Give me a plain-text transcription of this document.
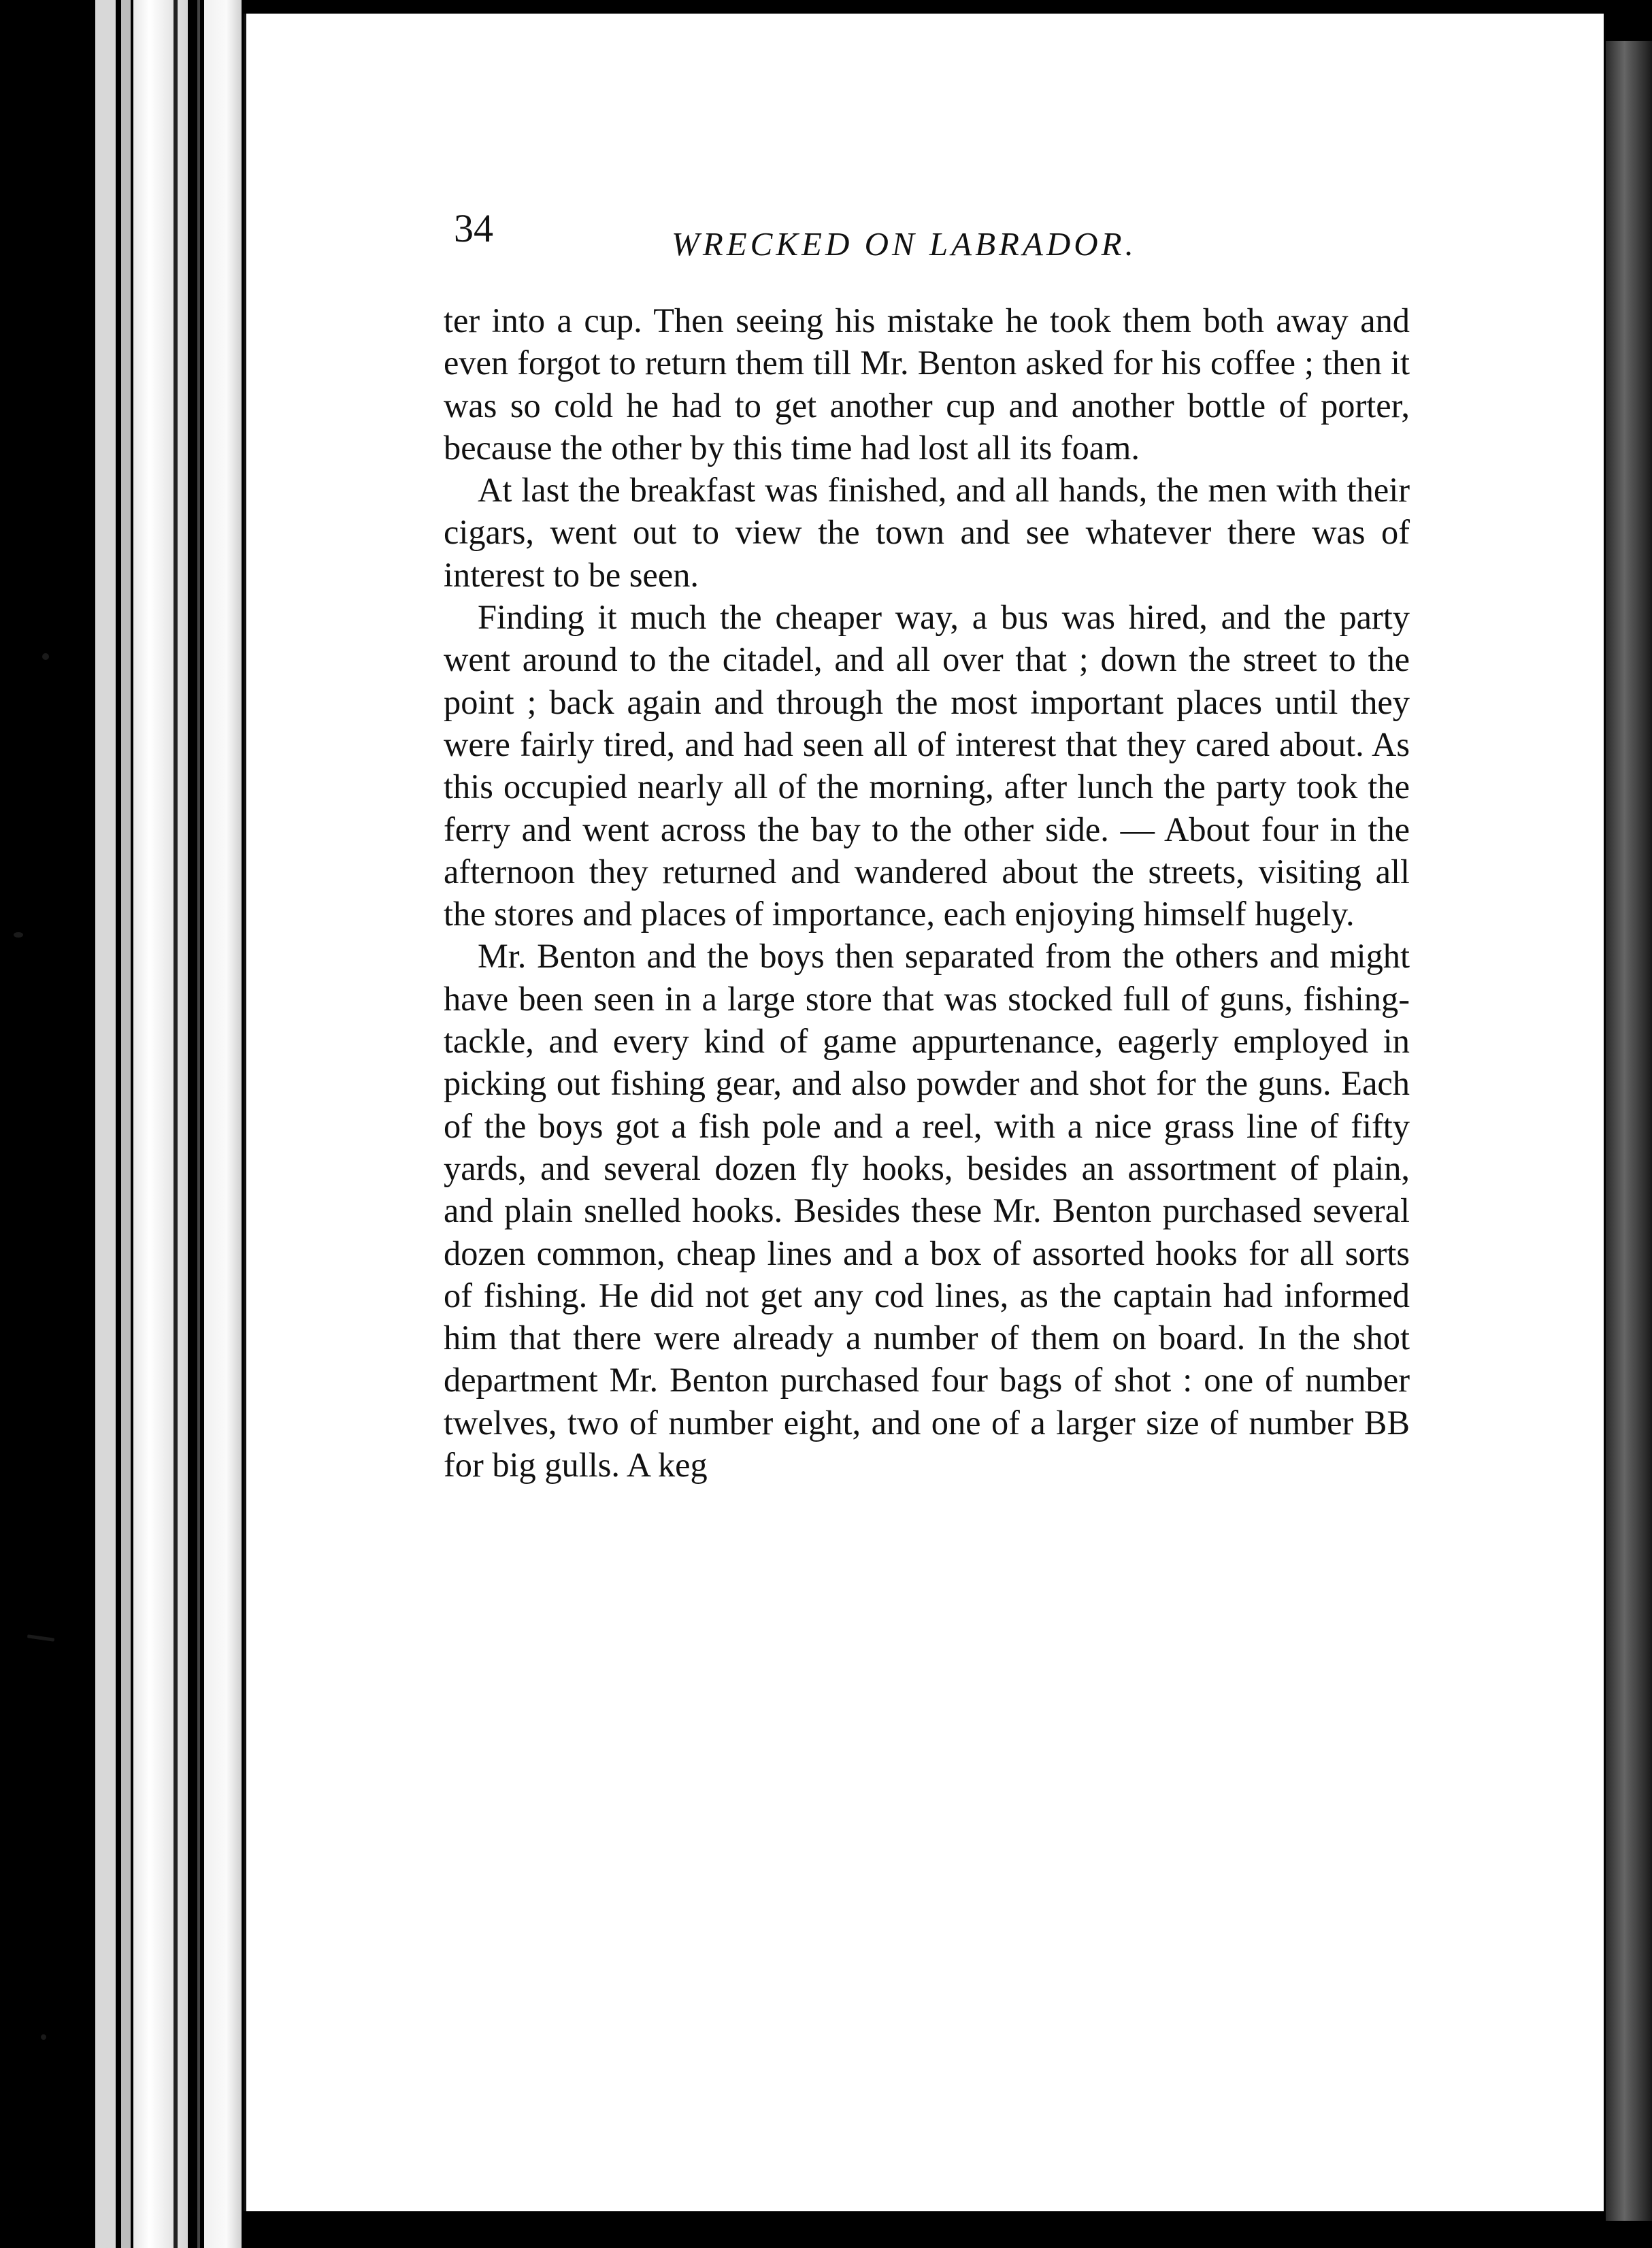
34	WRECKED ON LABRADOR.

ter into a cup. Then seeing his mistake he took them both away and even forgot to return them till Mr. Benton asked for his coffee ; then it was so cold he had to get another cup and another bottle of porter, because the other by this time had lost all its foam.

At last the breakfast was finished, and all hands, the men with their cigars, went out to view the town and see whatever there was of interest to be seen.

Finding it much the cheaper way, a bus was hired, and the party went around to the citadel, and all over that ; down the street to the point ; back again and through the most important places until they were fairly tired, and had seen all of interest that they cared about. As this occupied nearly all of the morning, after lunch the party took the ferry and went across the bay to the other side. — About four in the afternoon they returned and wandered about the streets, visiting all the stores and places of importance, each enjoying himself hugely.

Mr. Benton and the boys then separated from the others and might have been seen in a large store that was stocked full of guns, fishing-tackle, and every kind of game appurtenance, eagerly employed in picking out fishing gear, and also powder and shot for the guns. Each of the boys got a fish pole and a reel, with a nice grass line of fifty yards, and several dozen fly hooks, besides an assortment of plain, and plain snelled hooks. Besides these Mr. Benton purchased several dozen common, cheap lines and a box of assorted hooks for all sorts of fishing. He did not get any cod lines, as the captain had informed him that there were already a number of them on board. In the shot department Mr. Benton purchased four bags of shot : one of number twelves, two of number eight, and one of a larger size of number BB for big gulls. A keg
